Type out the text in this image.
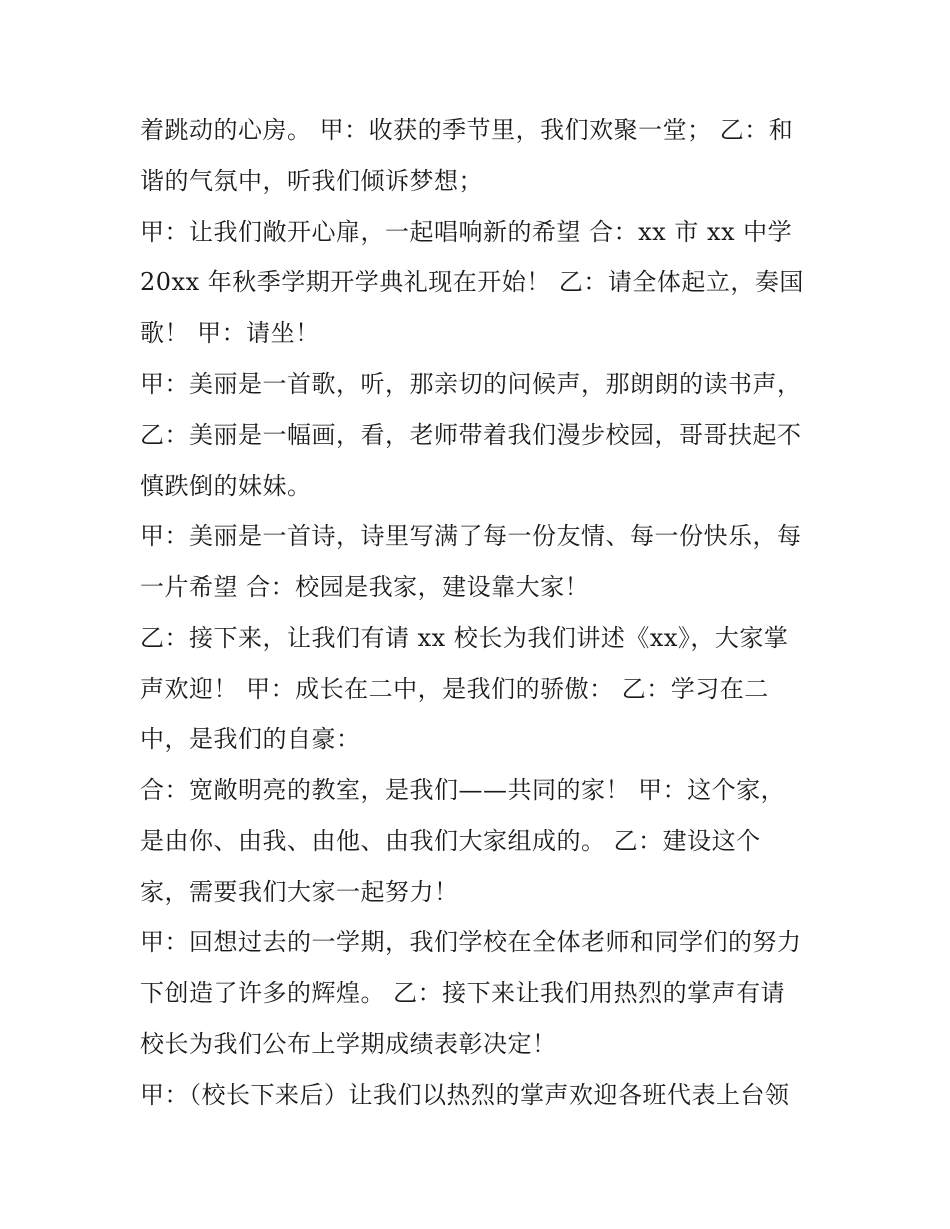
着跳动的心房。 甲：收获的季节里，我们欢聚一堂； 乙：和
谐的气氛中，听我们倾诉梦想；
甲：让我们敞开心扉，一起唱响新的希望 合：xx 市 xx 中学
20xx 年秋季学期开学典礼现在开始！ 乙：请全体起立，奏国
歌！ 甲：请坐！
甲：美丽是一首歌，听，那亲切的问候声，那朗朗的读书声，
乙：美丽是一幅画，看，老师带着我们漫步校园，哥哥扶起不
慎跌倒的妹妹。
甲：美丽是一首诗，诗里写满了每一份友情、每一份快乐，每
一片希望 合：校园是我家，建设靠大家！
乙：接下来，让我们有请 xx 校长为我们讲述《xx》，大家掌
声欢迎！ 甲：成长在二中，是我们的骄傲： 乙：学习在二
中，是我们的自豪：
合：宽敞明亮的教室，是我们——共同的家！ 甲：这个家，
是由你、由我、由他、由我们大家组成的。 乙：建设这个
家，需要我们大家一起努力！
甲：回想过去的一学期，我们学校在全体老师和同学们的努力
下创造了许多的辉煌。 乙：接下来让我们用热烈的掌声有请
校长为我们公布上学期成绩表彰决定！
甲：（校长下来后）让我们以热烈的掌声欢迎各班代表上台领
